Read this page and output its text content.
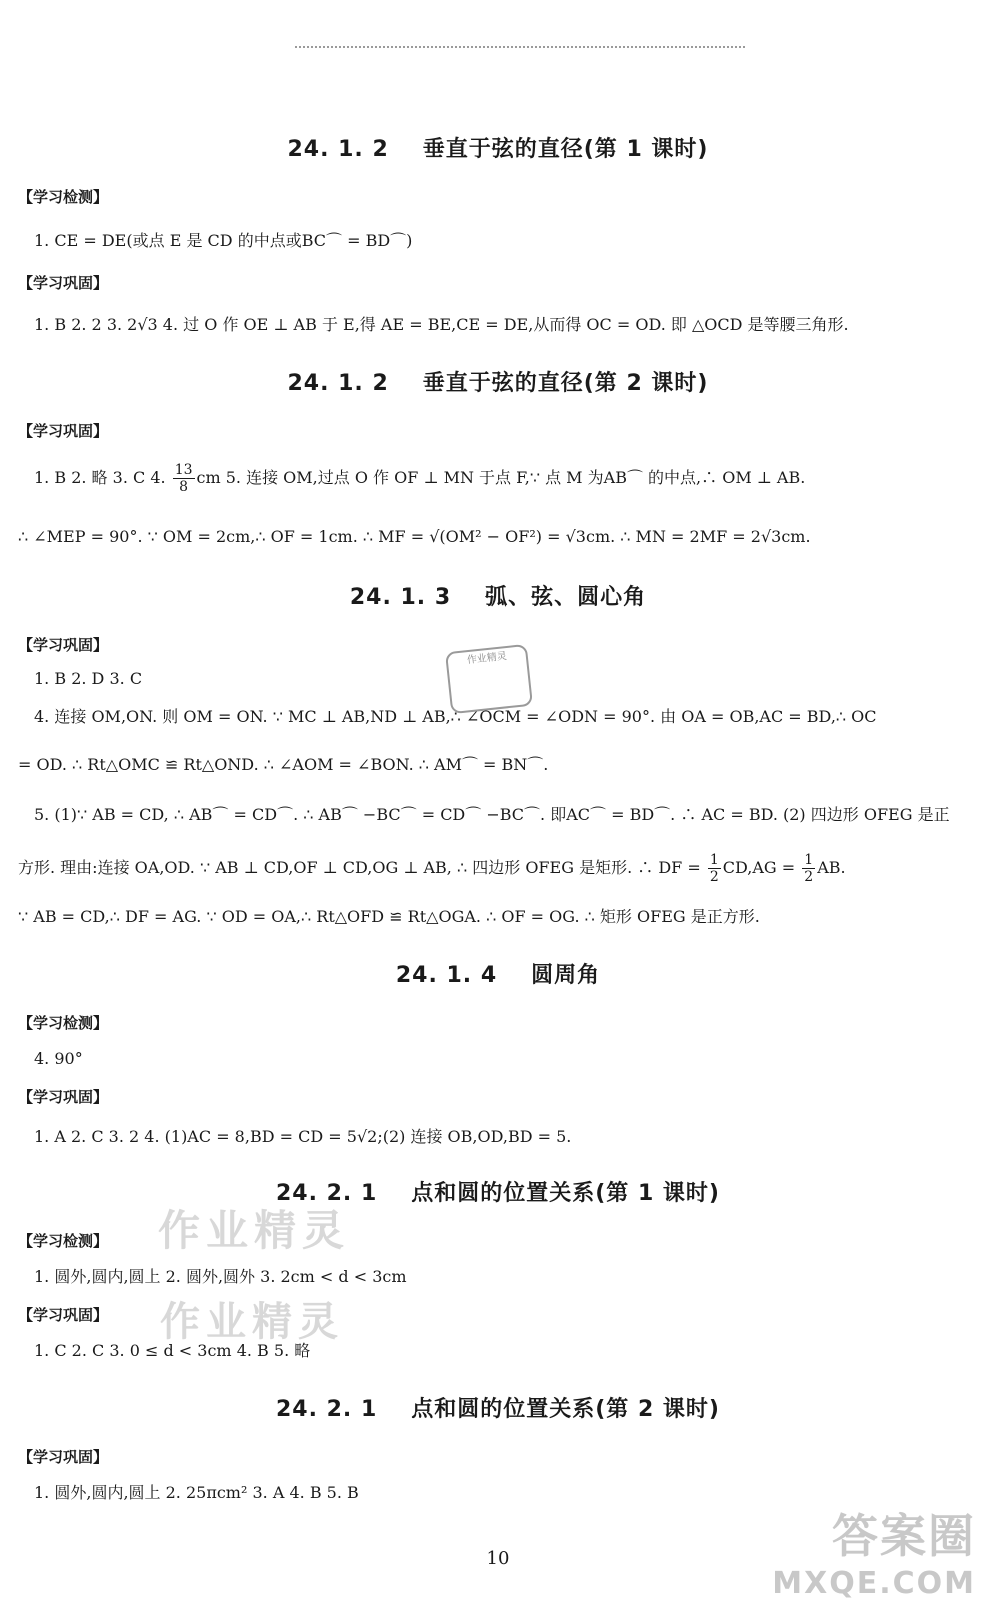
24. 1. 2 垂直于弦的直径(第 1 课时)
【学习检测】
1. CE = DE(或点 E 是 CD 的中点或BC⌒ = BD⌒)
【学习巩固】
1. B 2. 2 3. 2√3 4. 过 O 作 OE ⊥ AB 于 E,得 AE = BE,CE = DE,从而得 OC = OD. 即 △OCD 是等腰三角形.
24. 1. 2 垂直于弦的直径(第 2 课时)
【学习巩固】
1. B 2. 略 3. C 4. $\frac{13}{8}$ cm 5. 连接 OM,过点 O 作 OF ⊥ MN 于点 F,∵ 点 M 为AB⌒ 的中点,∴ OM ⊥ AB.
∴ ∠MEP = 90°. ∵ OM = 2cm,∴ OF = 1cm. ∴ MF = √(OM² − OF²) = √3cm. ∴ MN = 2MF = 2√3cm.
24. 1. 3 弧、弦、圆心角
作业精灵
【学习巩固】
1. B 2. D 3. C
4. 连接 OM,ON. 则 OM = ON. ∵ MC ⊥ AB,ND ⊥ AB,∴ ∠OCM = ∠ODN = 90°. 由 OA = OB,AC = BD,∴ OC
= OD. ∴ Rt△OMC ≌ Rt△OND. ∴ ∠AOM = ∠BON. ∴ AM⌒ = BN⌒.
5. (1)∵ AB = CD, ∴ AB⌒ = CD⌒. ∴ AB⌒ −BC⌒ = CD⌒ −BC⌒. 即AC⌒ = BD⌒. ∴ AC = BD. (2) 四边形 OFEG 是正
方形. 理由:连接 OA,OD. ∵ AB ⊥ CD,OF ⊥ CD,OG ⊥ AB, ∴ 四边形 OFEG 是矩形. ∴ DF = $\frac{1}{2} CD,AG = \frac{1}{2}$ AB.
∵ AB = CD,∴ DF = AG. ∵ OD = OA,∴ Rt△OFD ≌ Rt△OGA. ∴ OF = OG. ∴ 矩形 OFEG 是正方形.
24. 1. 4 圆周角
【学习检测】
4. 90°
【学习巩固】
1. A 2. C 3. 2 4. (1)AC = 8,BD = CD = 5√2;(2) 连接 OB,OD,BD = 5.
作业精灵
24. 2. 1 点和圆的位置关系(第 1 课时)
【学习检测】
1. 圆外,圆内,圆上 2. 圆外,圆外 3. 2cm < d < 3cm
作业精灵
【学习巩固】
1. C 2. C 3. 0 ≤ d < 3cm 4. B 5. 略
24. 2. 1 点和圆的位置关系(第 2 课时)
【学习巩固】
1. 圆外,圆内,圆上 2. 25πcm² 3. A 4. B 5. B
10	答案圈
MXQE.COM
